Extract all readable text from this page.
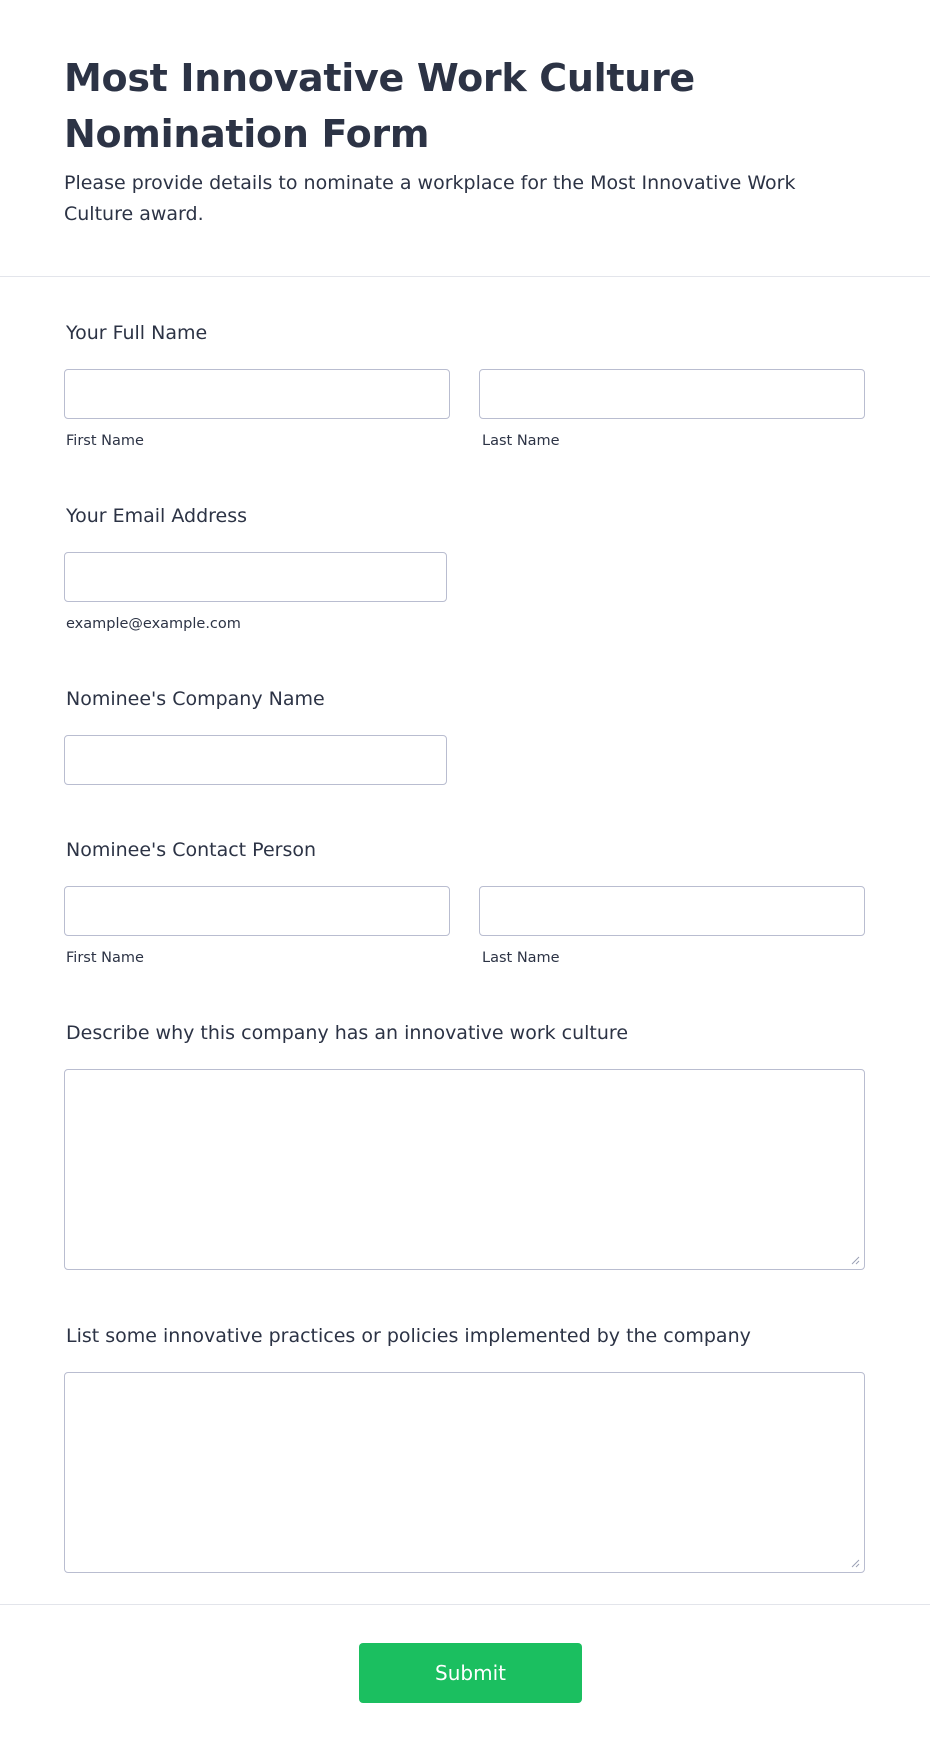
Most Innovative Work Culture Nomination Form

Please provide details to nominate a workplace for the Most Innovative Work Culture award.

Your Full Name
First Name	Last Name
Your Email Address
example@example.com
Nominee's Company Name
Nominee's Contact Person
First Name	Last Name
Describe why this company has an innovative work culture
List some innovative practices or policies implemented by the company
Submit
